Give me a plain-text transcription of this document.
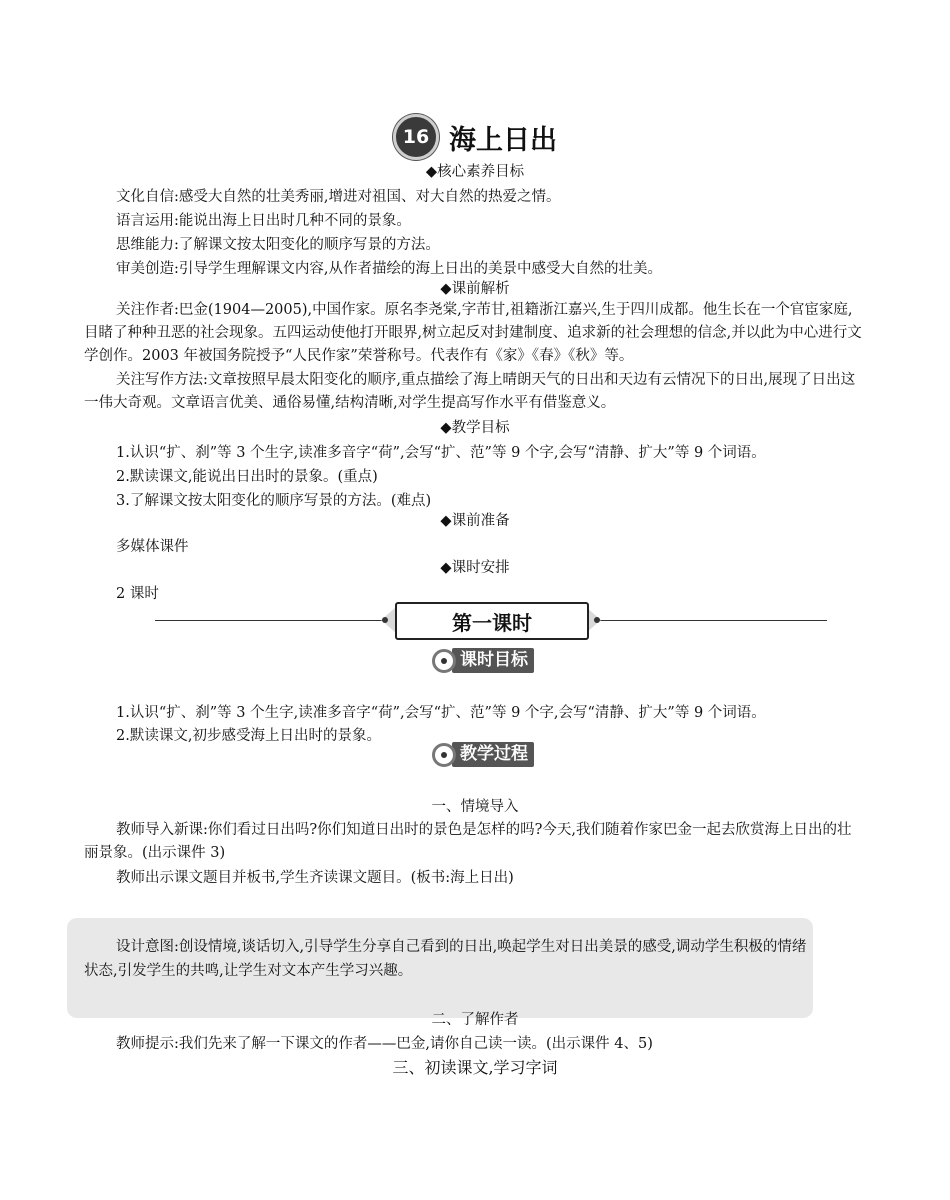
16 海上日出
◆核心素养目标
文化自信:感受大自然的壮美秀丽,增进对祖国、对大自然的热爱之情。
语言运用:能说出海上日出时几种不同的景象。
思维能力:了解课文按太阳变化的顺序写景的方法。
审美创造:引导学生理解课文内容,从作者描绘的海上日出的美景中感受大自然的壮美。
◆课前解析
关注作者:巴金(1904—2005),中国作家。原名李尧棠,字芾甘,祖籍浙江嘉兴,生于四川成都。他生长在一个官宦家庭,目睹了种种丑恶的社会现象。五四运动使他打开眼界,树立起反对封建制度、追求新的社会理想的信念,并以此为中心进行文学创作。2003 年被国务院授予“人民作家”荣誉称号。代表作有《家》《春》《秋》等。
关注写作方法:文章按照早晨太阳变化的顺序,重点描绘了海上晴朗天气的日出和天边有云情况下的日出,展现了日出这一伟大奇观。文章语言优美、通俗易懂,结构清晰,对学生提高写作水平有借鉴意义。
◆教学目标
1.认识“扩、刹”等 3 个生字,读准多音字“荷”,会写“扩、范”等 9 个字,会写“清静、扩大”等 9 个词语。
2.默读课文,能说出日出时的景象。(重点)
3.了解课文按太阳变化的顺序写景的方法。(难点)
◆课前准备
多媒体课件
◆课时安排
2 课时
第一课时
课时目标
1.认识“扩、刹”等 3 个生字,读准多音字“荷”,会写“扩、范”等 9 个字,会写“清静、扩大”等 9 个词语。
2.默读课文,初步感受海上日出时的景象。
教学过程
一、情境导入
教师导入新课:你们看过日出吗?你们知道日出时的景色是怎样的吗?今天,我们随着作家巴金一起去欣赏海上日出的壮丽景象。(出示课件 3)
教师出示课文题目并板书,学生齐读课文题目。(板书:海上日出)
设计意图:创设情境,谈话切入,引导学生分享自己看到的日出,唤起学生对日出美景的感受,调动学生积极的情绪状态,引发学生的共鸣,让学生对文本产生学习兴趣。
二、了解作者
教师提示:我们先来了解一下课文的作者——巴金,请你自己读一读。(出示课件 4、5)
三、初读课文,学习字词
